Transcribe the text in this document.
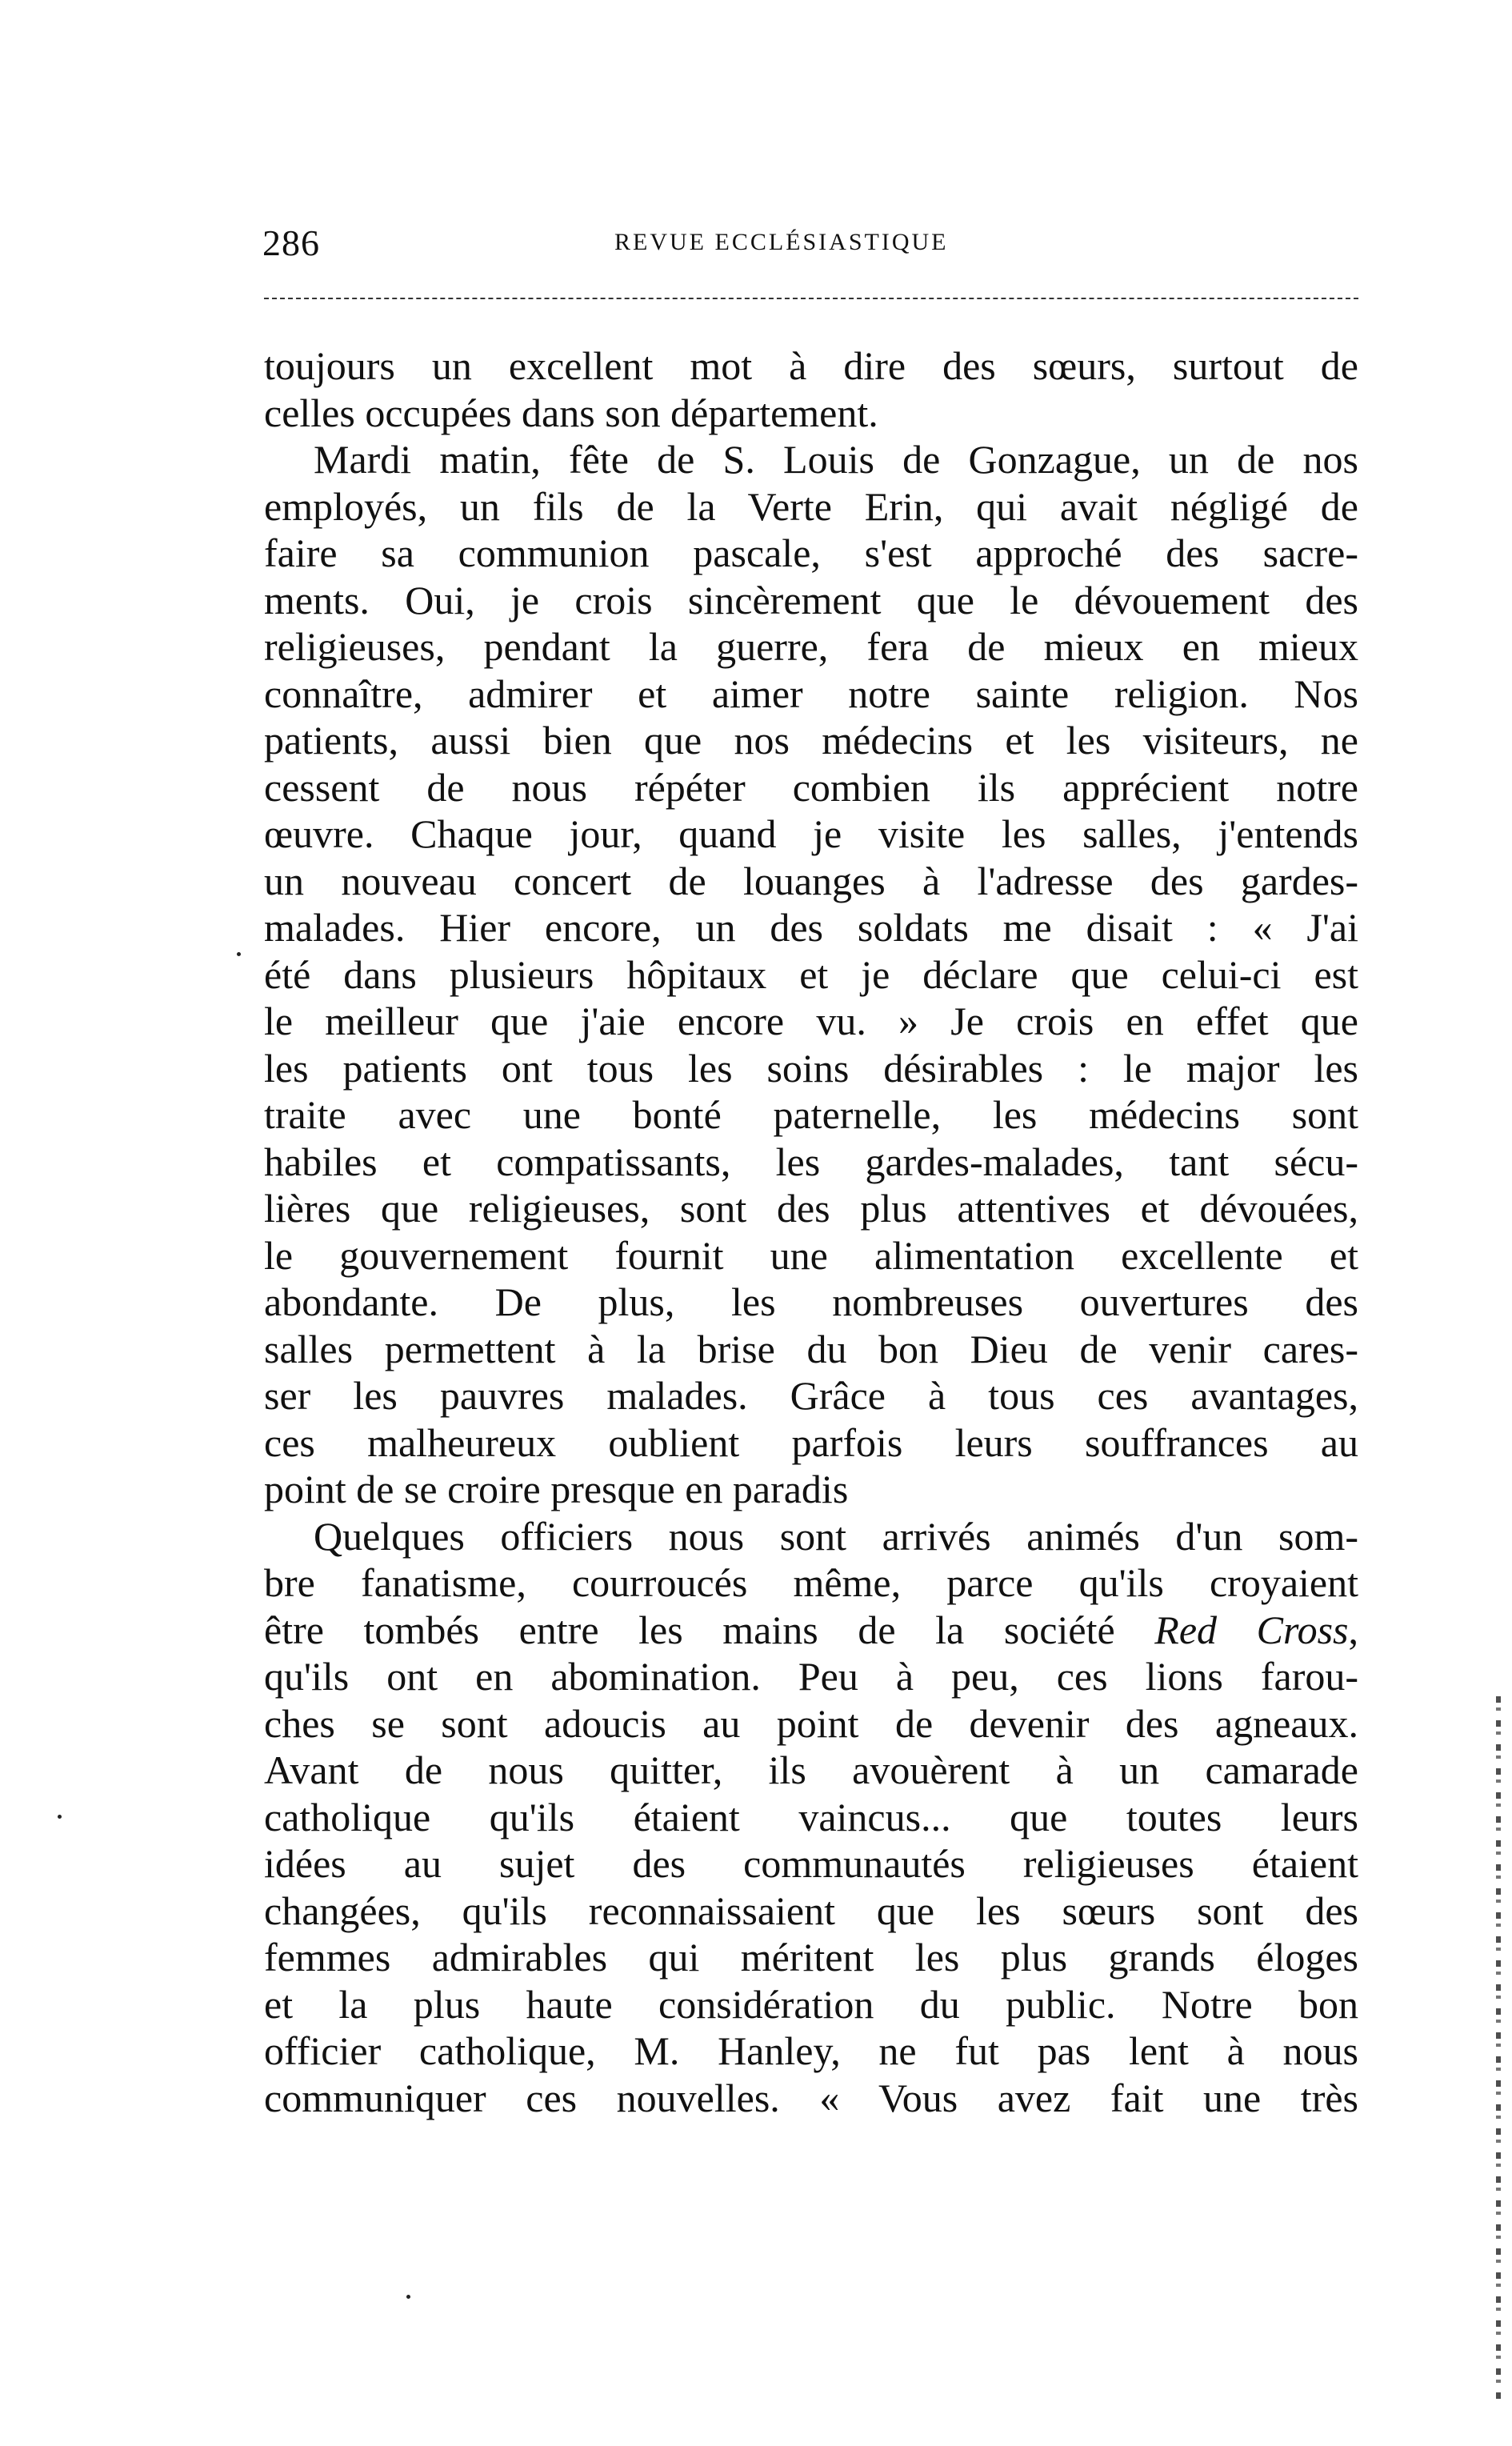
286	REVUE ECCLÉSIASTIQUE
toujours un excellent mot à dire des sœurs, surtout de
celles occupées dans son département.
Mardi matin, fête de S. Louis de Gonzague, un de nos
employés, un fils de la Verte Erin, qui avait négligé de
faire sa communion pascale, s'est approché des sacre-
ments. Oui, je crois sincèrement que le dévouement des
religieuses, pendant la guerre, fera de mieux en mieux
connaître, admirer et aimer notre sainte religion. Nos
patients, aussi bien que nos médecins et les visiteurs, ne
cessent de nous répéter combien ils apprécient notre
œuvre. Chaque jour, quand je visite les salles, j'entends
un nouveau concert de louanges à l'adresse des gardes-
malades. Hier encore, un des soldats me disait : « J'ai
été dans plusieurs hôpitaux et je déclare que celui-ci est
le meilleur que j'aie encore vu. » Je crois en effet que
les patients ont tous les soins désirables : le major les
traite avec une bonté paternelle, les médecins sont
habiles et compatissants, les gardes-malades, tant sécu-
lières que religieuses, sont des plus attentives et dévouées,
le gouvernement fournit une alimentation excellente et
abondante. De plus, les nombreuses ouvertures des
salles permettent à la brise du bon Dieu de venir cares-
ser les pauvres malades. Grâce à tous ces avantages,
ces malheureux oublient parfois leurs souffrances au
point de se croire presque en paradis
Quelques officiers nous sont arrivés animés d'un som-
bre fanatisme, courroucés même, parce qu'ils croyaient
être tombés entre les mains de la société Red Cross,
qu'ils ont en abomination. Peu à peu, ces lions farou-
ches se sont adoucis au point de devenir des agneaux.
Avant de nous quitter, ils avouèrent à un camarade
catholique qu'ils étaient vaincus... que toutes leurs
idées au sujet des communautés religieuses étaient
changées, qu'ils reconnaissaient que les sœurs sont des
femmes admirables qui méritent les plus grands éloges
et la plus haute considération du public. Notre bon
officier catholique, M. Hanley, ne fut pas lent à nous
communiquer ces nouvelles. « Vous avez fait une très
